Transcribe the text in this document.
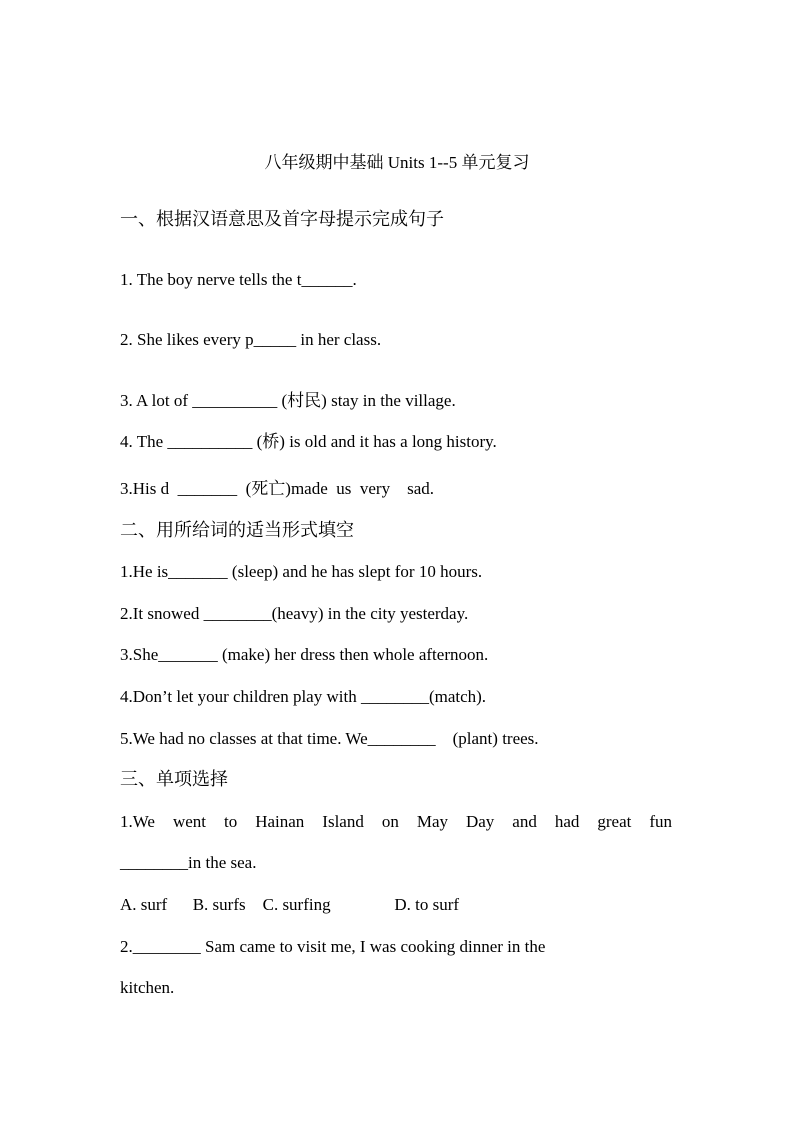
八年级期中基础 Units 1--5 单元复习
一、根据汉语意思及首字母提示完成句子
1. The boy nerve tells the t______.
2. She likes every p_____ in her class.
3. A lot of __________ (村民) stay in the village.
4. The __________ (桥) is old and it has a long history.
3.His d  _______  (死亡)made  us  very    sad.
二、用所给词的适当形式填空
1.He is_______ (sleep) and he has slept for 10 hours.
2.It snowed ________(heavy) in the city yesterday.
3.She_______ (make) her dress then whole afternoon.
4.Don’t let your children play with ________(match).
5.We had no classes at that time. We________    (plant) trees.
三、单项选择
1.We went to Hainan Island on May Day and had great fun
________in the sea.
A. surf      B. surfs    C. surfing               D. to surf
2.________ Sam came to visit me, I was cooking dinner in the
kitchen.
